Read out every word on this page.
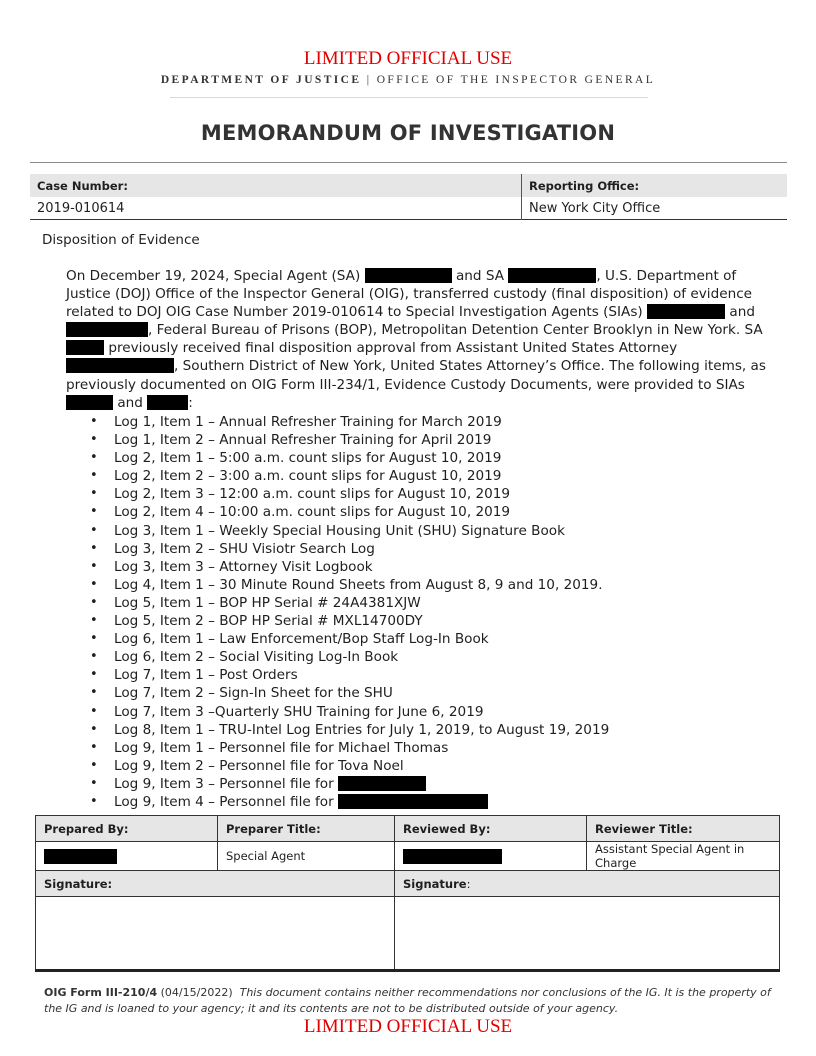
LIMITED OFFICIAL USE
DEPARTMENT OF JUSTICE | OFFICE OF THE INSPECTOR GENERAL
MEMORANDUM OF INVESTIGATION
Case Number:	Reporting Office:
2019-010614	New York City Office
Disposition of Evidence
On December 19, 2024, Special Agent (SA)	and SA	, U.S. Department of Justice (DOJ) Office of the Inspector General (OIG), transferred custody (final disposition) of evidence related to DOJ OIG Case Number 2019-010614 to Special Investigation Agents (SIAs)	and , Federal Bureau of Prisons (BOP), Metropolitan Detention Center Brooklyn in New York. SA  previously received final disposition approval from Assistant United States Attorney , Southern District of New York, United States Attorney’s Office. The following items, as previously documented on OIG Form III-234/1, Evidence Custody Documents, were provided to SIAs  and	:
• Log 1, Item 1 – Annual Refresher Training for March 2019
• Log 1, Item 2 – Annual Refresher Training for April 2019
• Log 2, Item 1 – 5:00 a.m. count slips for August 10, 2019
• Log 2, Item 2 – 3:00 a.m. count slips for August 10, 2019
• Log 2, Item 3 – 12:00 a.m. count slips for August 10, 2019
• Log 2, Item 4 – 10:00 a.m. count slips for August 10, 2019
• Log 3, Item 1 – Weekly Special Housing Unit (SHU) Signature Book
• Log 3, Item 2 – SHU Visiotr Search Log
• Log 3, Item 3 – Attorney Visit Logbook
• Log 4, Item 1 – 30 Minute Round Sheets from August 8, 9 and 10, 2019.
• Log 5, Item 1 – BOP HP Serial # 24A4381XJW
• Log 5, Item 2 – BOP HP Serial # MXL14700DY
• Log 6, Item 1 – Law Enforcement/Bop Staff Log-In Book
• Log 6, Item 2 – Social Visiting Log-In Book
• Log 7, Item 1 – Post Orders
• Log 7, Item 2 – Sign-In Sheet for the SHU
• Log 7, Item 3 –Quarterly SHU Training for June 6, 2019
• Log 8, Item 1 – TRU-Intel Log Entries for July 1, 2019, to August 19, 2019
• Log 9, Item 1 – Personnel file for Michael Thomas
• Log 9, Item 2 – Personnel file for Tova Noel
• Log 9, Item 3 – Personnel file for
• Log 9, Item 4 – Personnel file for
Prepared By:	Preparer Title:	Reviewed By:	Reviewer Title:
	Special Agent		Assistant Special Agent in Charge
Signature:		Signature:	

OIG Form III-210/4 (04/15/2022) This document contains neither recommendations nor conclusions of the IG. It is the property of the IG and is loaned to your agency; it and its contents are not to be distributed outside of your agency.
LIMITED OFFICIAL USE
